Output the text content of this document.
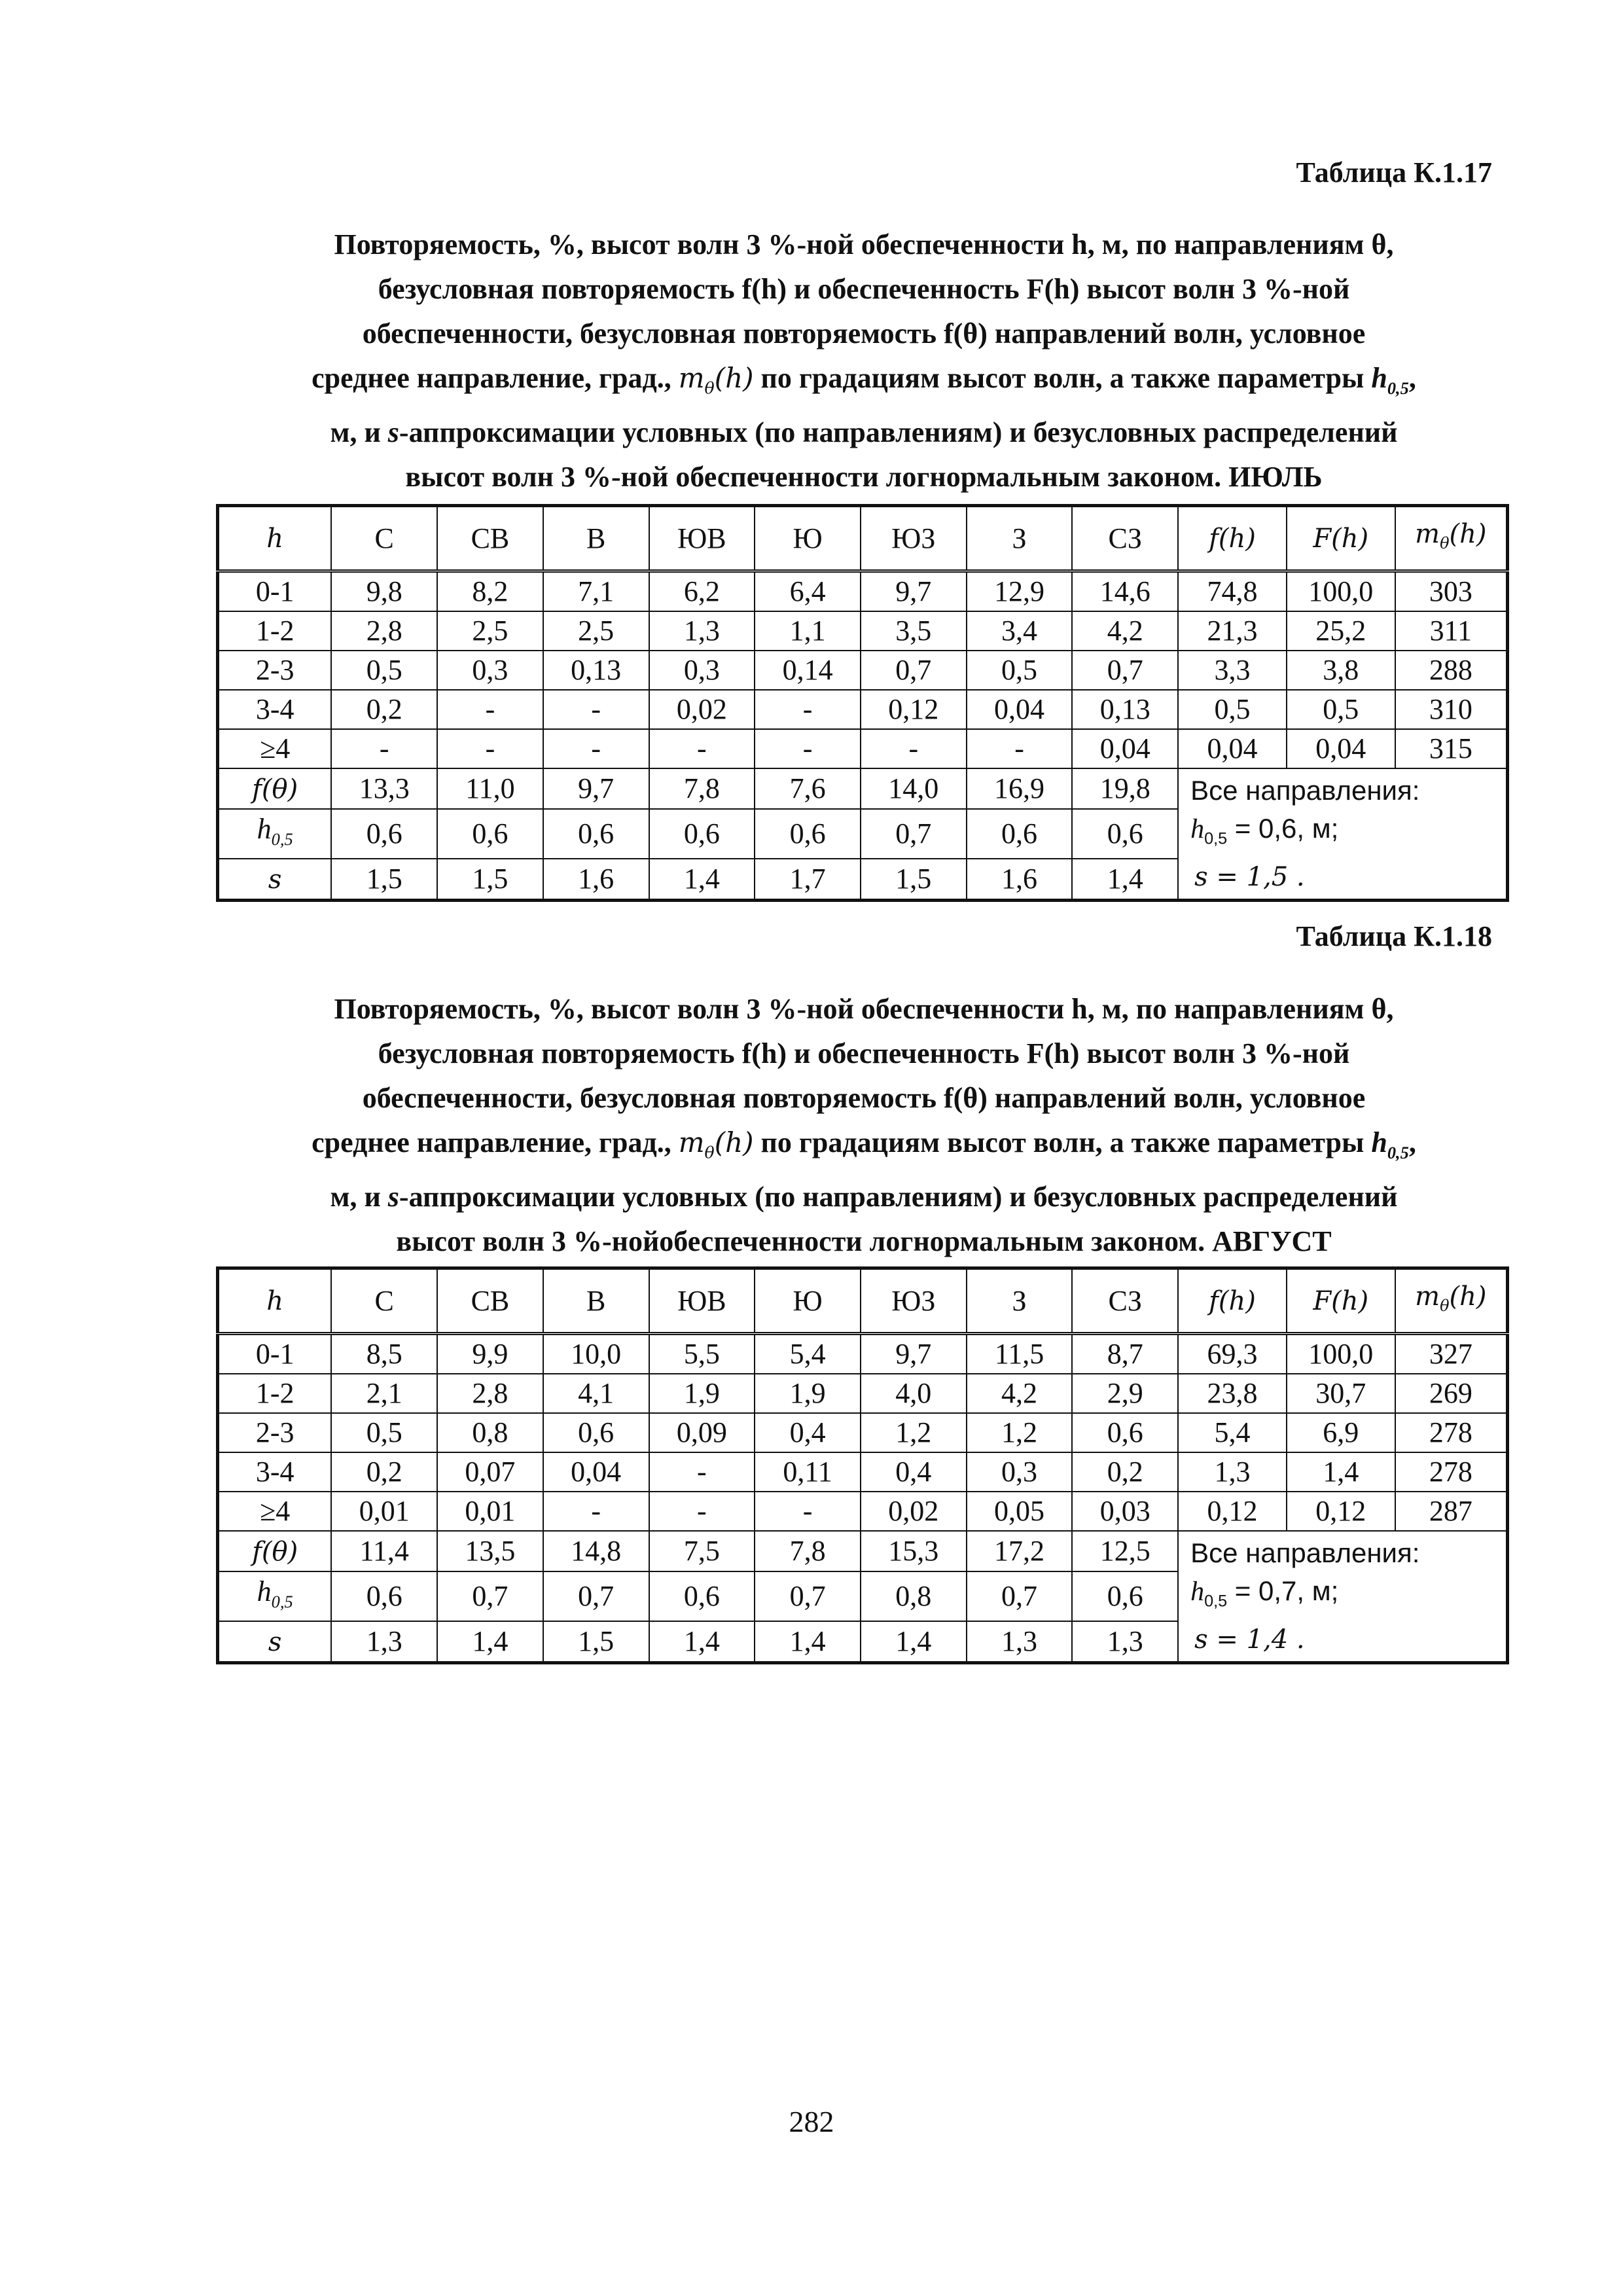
Таблица К.1.17
Повторяемость, %, высот волн 3 %-ной обеспеченности h, м, по направлениям θ,
безусловная повторяемость f(h) и обеспеченность F(h) высот волн 3 %-ной
обеспеченности, безусловная повторяемость f(θ) направлений волн, условное
среднее направление, град., $m_\theta(h)$ по градациям высот волн, а также параметры $h_{0,5}$,
м, и s-аппроксимации условных (по направлениям) и безусловных распределений
высот волн 3 %-ной обеспеченности логнормальным законом. ИЮЛЬ
h	С	СВ	В	ЮВ	Ю	ЮЗ	З	СЗ	f(h)	F(h)	$m_\theta(h)$
0-1	9,8	8,2	7,1	6,2	6,4	9,7	12,9	14,6	74,8	100,0	303
1-2	2,8	2,5	2,5	1,3	1,1	3,5	3,4	4,2	21,3	25,2	311
2-3	0,5	0,3	0,13	0,3	0,14	0,7	0,5	0,7	3,3	3,8	288
3-4	0,2	-	-	0,02	-	0,12	0,04	0,13	0,5	0,5	310
≥4	-	-	-	-	-	-	-	0,04	0,04	0,04	315
f(θ)	13,3	11,0	9,7	7,8	7,6	14,0	16,9	19,8	Все направления:
$h_{0,5} = 0,6$, м;
s = 1,5 .		

$h_{0,5}$	0,6	0,6	0,6	0,6	0,6	0,7	0,6	0,6			
s	1,5	1,5	1,6	1,4	1,7	1,5	1,6	1,4			
Таблица К.1.18
Повторяемость, %, высот волн 3 %-ной обеспеченности h, м, по направлениям θ,
безусловная повторяемость f(h) и обеспеченность F(h) высот волн 3 %-ной
обеспеченности, безусловная повторяемость f(θ) направлений волн, условное
среднее направление, град., $m_\theta(h)$ по градациям высот волн, а также параметры $h_{0,5}$,
м, и s-аппроксимации условных (по направлениям) и безусловных распределений
высот волн 3 %-нойобеспеченности логнормальным законом. АВГУСТ
h	С	СВ	В	ЮВ	Ю	ЮЗ	З	СЗ	f(h)	F(h)	$m_\theta(h)$
0-1	8,5	9,9	10,0	5,5	5,4	9,7	11,5	8,7	69,3	100,0	327
1-2	2,1	2,8	4,1	1,9	1,9	4,0	4,2	2,9	23,8	30,7	269
2-3	0,5	0,8	0,6	0,09	0,4	1,2	1,2	0,6	5,4	6,9	278
3-4	0,2	0,07	0,04	-	0,11	0,4	0,3	0,2	1,3	1,4	278
≥4	0,01	0,01	-	-	-	0,02	0,05	0,03	0,12	0,12	287
f(θ)	11,4	13,5	14,8	7,5	7,8	15,3	17,2	12,5	Все направления:
$h_{0,5} = 0,7$, м;
s = 1,4 .		

$h_{0,5}$	0,6	0,7	0,7	0,6	0,7	0,8	0,7	0,6			
s	1,3	1,4	1,5	1,4	1,4	1,4	1,3	1,3			
282
